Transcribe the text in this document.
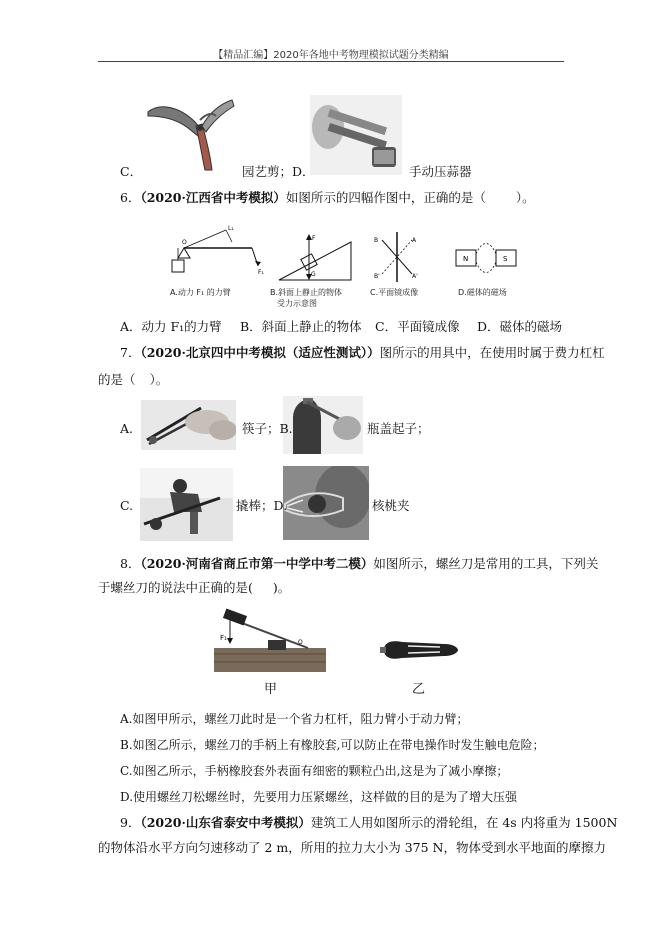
【精品汇编】2020年各地中考物理模拟试题分类精编
C．	园艺剪；D．	手动压蒜器
6．（2020·江西省中考模拟）如图所示的四幅作图中，正确的是（ ）。
O
L₁
F₁
F
G
B	A
B'	A'
N	S
A.动力 F₁ 的力臂	B.斜面上静止的物体
受力示意图
C.平面镜成像	D.磁体的磁场
A．动力 F₁的力臂 B．斜面上静止的物体 C．平面镜成像 D．磁体的磁场
7．（2020·北京四中中考模拟（适应性测试））图所示的用具中，在使用时属于费力杠杠
的是（ ）。
A.	筷子；B.	瓶盖起子；
C.	撬棒；D.	核桃夹
8．（2020·河南省商丘市第一中学中考二模）如图所示，螺丝刀是常用的工具，下列关
于螺丝刀的说法中正确的是( )。
F₁
O
甲	乙
A.如图甲所示，螺丝刀此时是一个省力杠杆，阻力臂小于动力臂；
B.如图乙所示，螺丝刀的手柄上有橡胶套,可以防止在带电操作时发生触电危险；
C.如图乙所示，手柄橡胶套外表面有细密的颗粒凸出,这是为了减小摩擦；
D.使用螺丝刀松螺丝时，先要用力压紧螺丝，这样做的目的是为了增大压强
9．（2020·山东省泰安中考模拟）建筑工人用如图所示的滑轮组，在 4s 内将重为 1500N
的物体沿水平方向匀速移动了 2 m，所用的拉力大小为 375 N，物体受到水平地面的摩擦力
